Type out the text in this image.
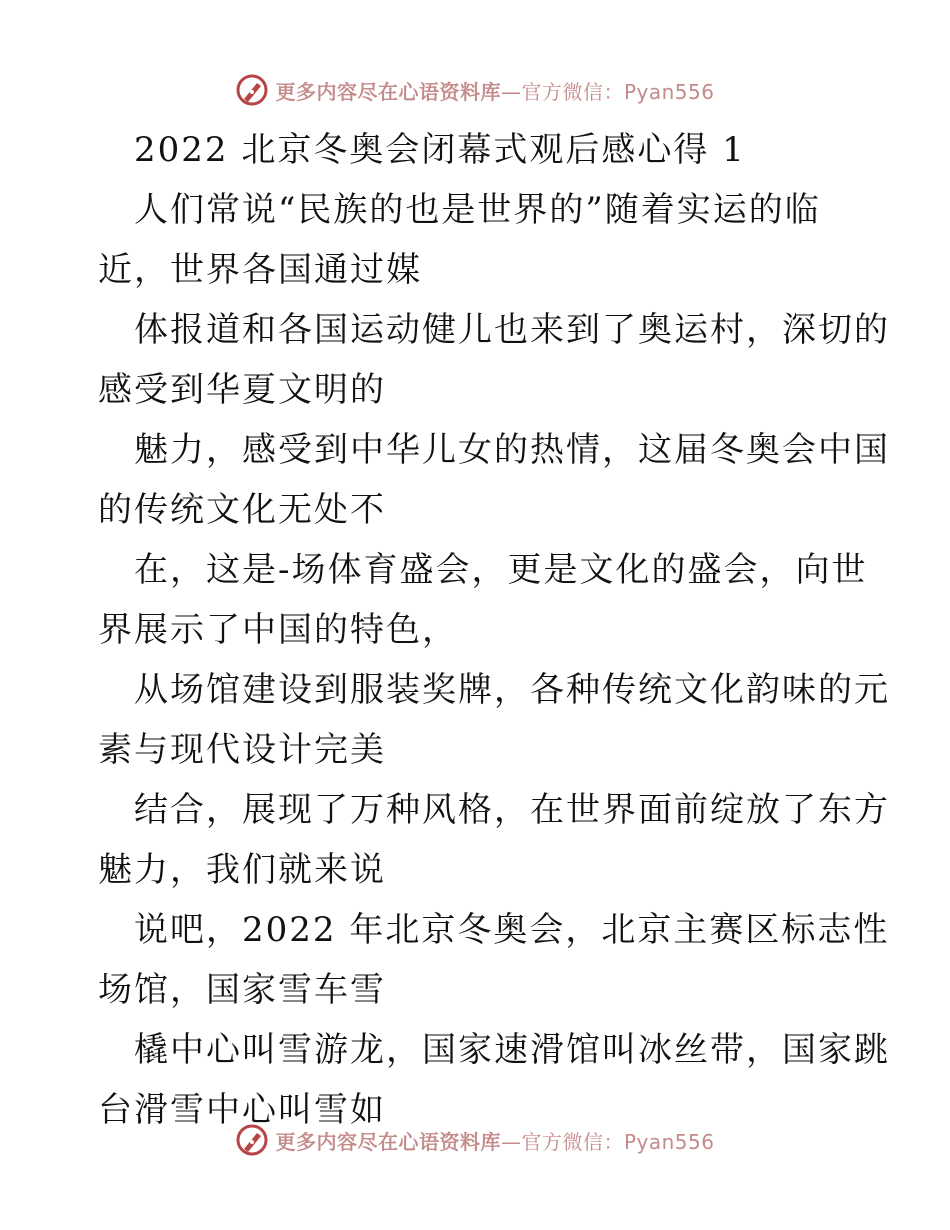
更多内容尽在心语资料库—官方微信：Pyan556
2022 北京冬奥会闭幕式观后感心得 1
人们常说“民族的也是世界的”随着实运的临
近，世界各国通过媒
体报道和各国运动健儿也来到了奥运村，深切的
感受到华夏文明的
魅力，感受到中华儿女的热情，这届冬奥会中国
的传统文化无处不
在，这是-场体育盛会，更是文化的盛会，向世
界展示了中国的特色，
从场馆建设到服装奖牌，各种传统文化韵味的元
素与现代设计完美
结合，展现了万种风格，在世界面前绽放了东方
魅力，我们就来说
说吧，2022 年北京冬奥会，北京主赛区标志性
场馆，国家雪车雪
橇中心叫雪游龙，国家速滑馆叫冰丝带，国家跳
台滑雪中心叫雪如
更多内容尽在心语资料库—官方微信：Pyan556
